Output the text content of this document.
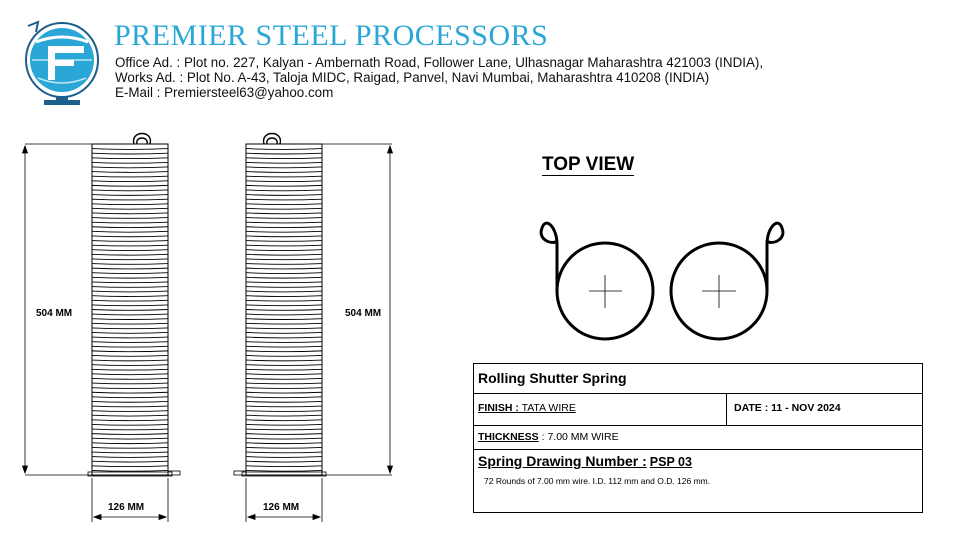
PREMIER STEEL PROCESSORS
Office Ad. : Plot no. 227, Kalyan - Ambernath Road, Follower Lane, Ulhasnagar Maharashtra 421003 (INDIA),
Works Ad. : Plot No. A-43, Taloja MIDC, Raigad, Panvel, Navi Mumbai, Maharashtra 410208 (INDIA)
E-Mail : Premiersteel63@yahoo.com
504 MM
126 MM
504 MM
126 MM
TOP VIEW
Rolling Shutter Spring
FINISH : TATA WIRE	DATE : 11 - NOV 2024
THICKNESS : 7.00 MM WIRE
Spring Drawing Number : PSP 03
72 Rounds of 7.00 mm wire. I.D. 112 mm and O.D. 126 mm.
